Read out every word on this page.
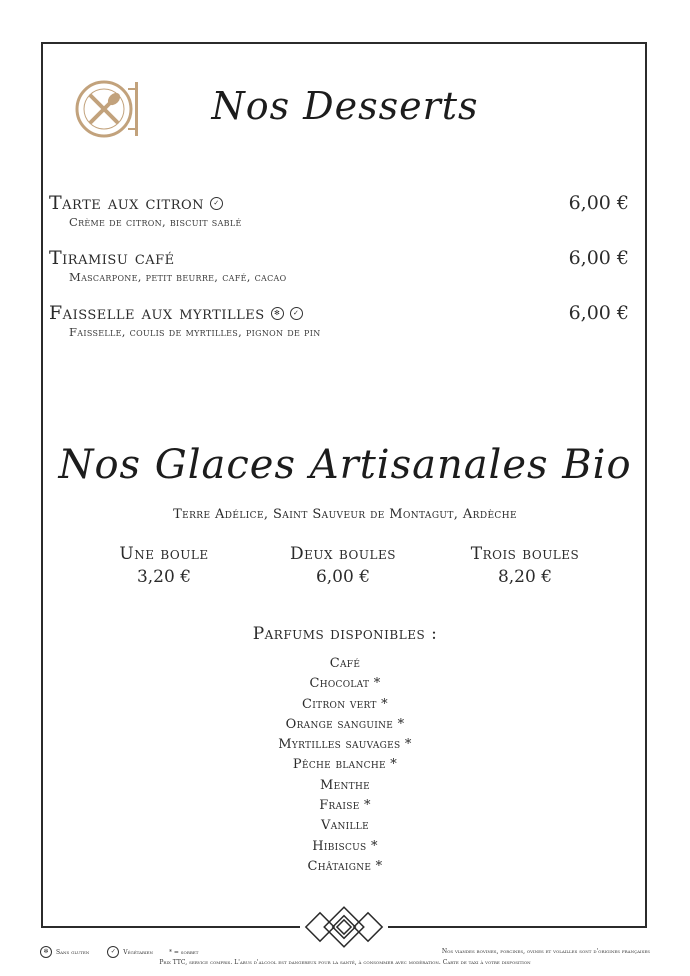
Nos Desserts
Tarte aux citron	✓
Crème de citron, biscuit sablé
6,00 €
Tiramisu café
Mascarpone, petit beurre, café, cacao
6,00 €
Faisselle aux myrtilles	✻	✓
Faisselle, coulis de myrtilles, pignon de pin
6,00 €
Nos Glaces Artisanales Bio
Terre Adélice, Saint Sauveur de Montagut, Ardèche
Une boule
3,20 €
Deux boules
6,00 €
Trois boules
8,20 €
Parfums disponibles :
Café
Chocolat *
Citron vert *
Orange sanguine *
Myrtilles sauvages *
Pêche blanche *
Menthe
Fraise *
Vanille
Hibiscus *
Châtaigne *
✻	Sans gluten	✓	Végétarien	* = sorbet	Nos viandes bovines, porcines, ovines et volailles sont d'origines françaises
Prix TTC, service compris. L'abus d'alcool est dangereux pour la santé, à consommer avec modération. Carte de taxi à votre disposition
